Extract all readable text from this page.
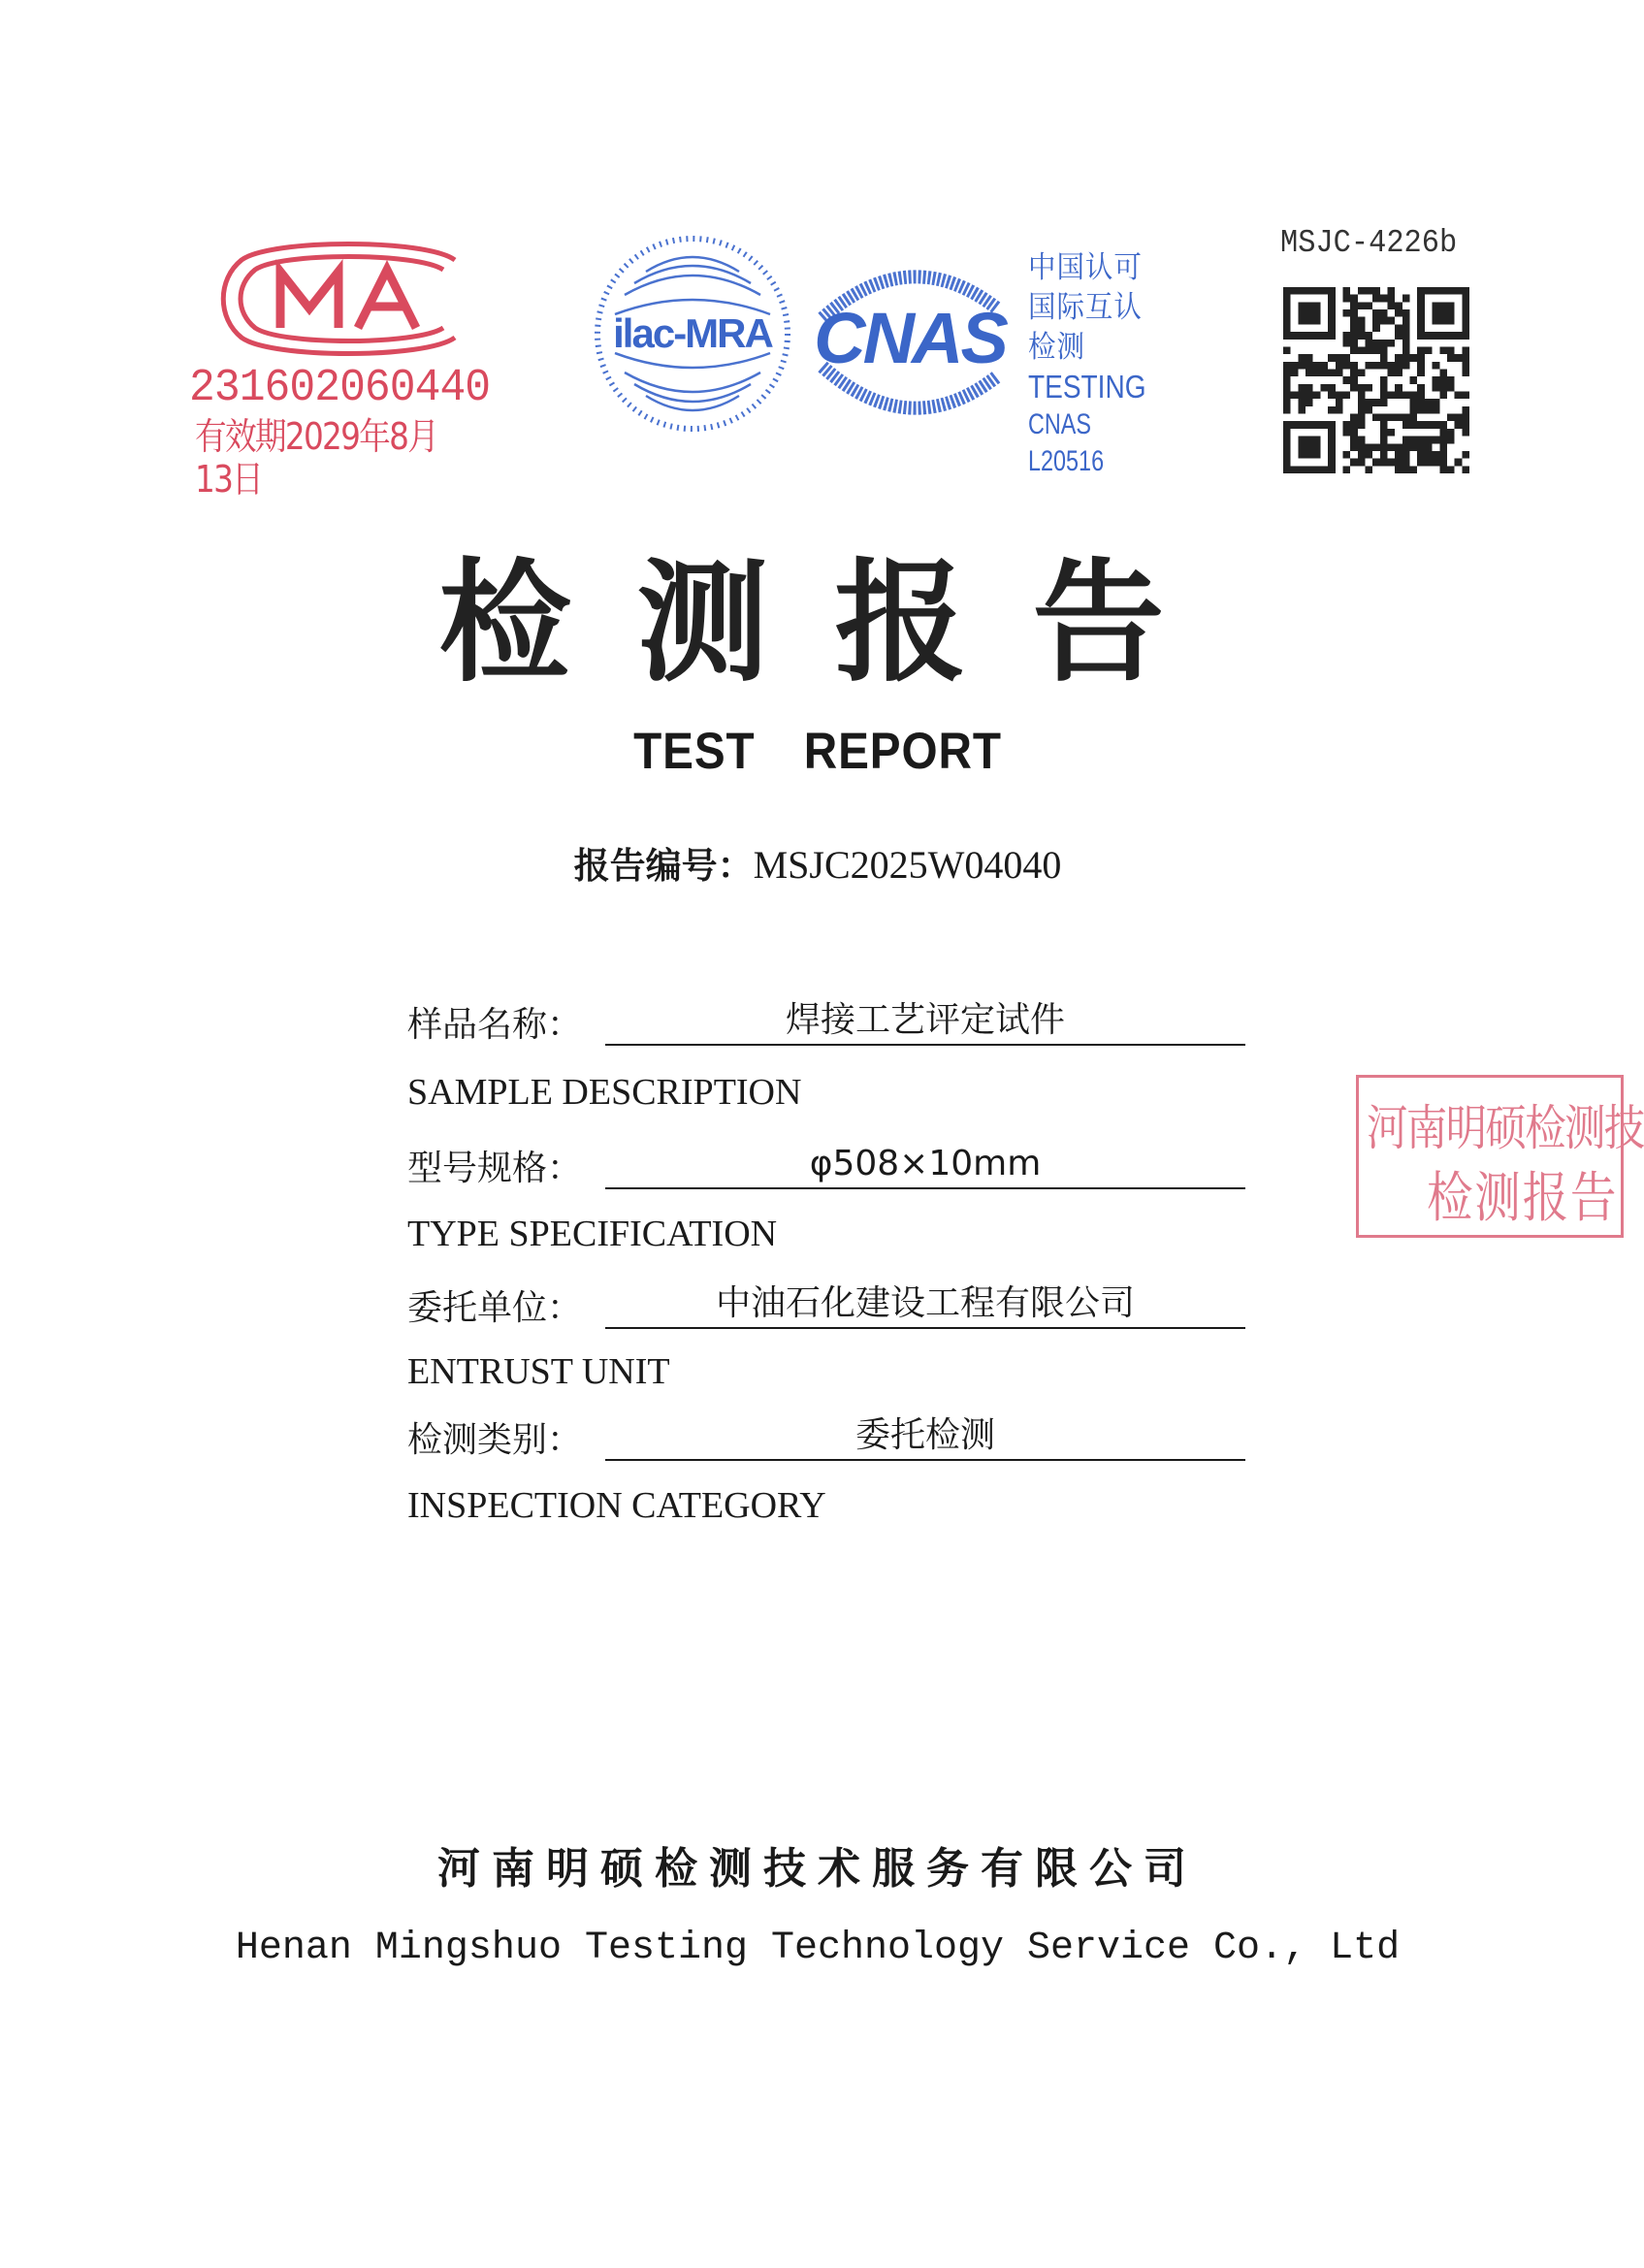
231602060440
有效期2029年8月13日
ilac-MRA CNAS
中国认可
国际互认
检测
TESTING
CNAS L20516
MSJC-4226b
检测报告
TEST REPORT
报告编号：MSJC2025W04040
样品名称：	焊接工艺评定试件
SAMPLE DESCRIPTION
型号规格：	φ508×10mm
TYPE SPECIFICATION
委托单位：	中油石化建设工程有限公司
ENTRUST UNIT
检测类别：	委托检测
INSPECTION CATEGORY
河南明硕检测技
检测报告
河南明硕检测技术服务有限公司
Henan Mingshuo Testing Technology Service Co., Ltd
